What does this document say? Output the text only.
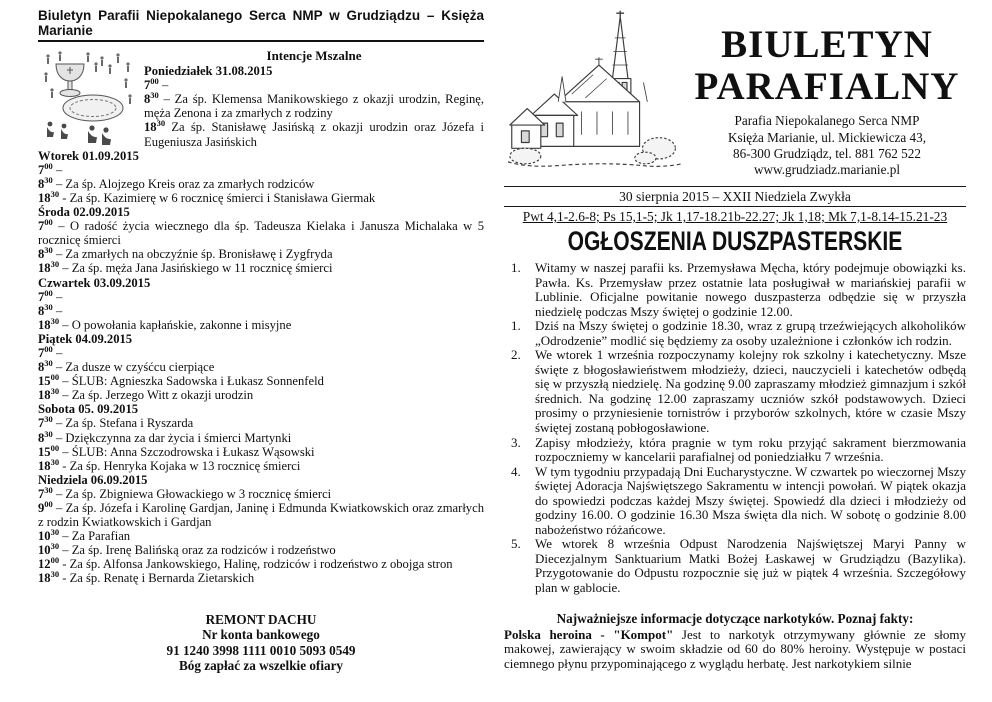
Biuletyn Parafii Niepokalanego Serca NMP w Grudziądzu – Księża Marianie
Intencje Mszalne
Poniedziałek 31.08.2015
$7^{00}$ –
$8^{30}$ – Za śp. Klemensa Manikowskiego z okazji urodzin, Reginę, męża Zenona i za zmarłych z rodziny
$18^{30}$ Za śp. Stanisławę Jasińską z okazji urodzin oraz Józefa i Eugeniusza Jasińskich
Wtorek 01.09.2015
$7^{00}$ –
$8^{30}$ – Za śp. Alojzego Kreis oraz za zmarłych rodziców
$18^{30}$ - Za śp. Kazimierę w 6 rocznicę śmierci i Stanisława Giermak
Środa 02.09.2015
$7^{00}$ – O radość życia wiecznego dla śp. Tadeusza Kielaka i Janusza Michalaka w 5 rocznicę śmierci
$8^{30}$ – Za zmarłych na obczyźnie śp. Bronisławę i Zygfryda
$18^{30}$ – Za śp. męża Jana Jasińskiego w 11 rocznicę śmierci
Czwartek 03.09.2015
$7^{00}$ –
$8^{30}$ –
$18^{30}$ – O powołania kapłańskie, zakonne i misyjne
Piątek 04.09.2015
$7^{00}$ –
$8^{30}$ – Za dusze w czyśćcu cierpiące
$15^{00}$ – ŚLUB: Agnieszka Sadowska i Łukasz Sonnenfeld
$18^{30}$ – Za śp. Jerzego Witt z okazji urodzin
Sobota 05. 09.2015
$7^{30}$ – Za śp. Stefana i Ryszarda
$8^{30}$ – Dziękczynna za dar życia i śmierci Martynki
$15^{00}$ – ŚLUB: Anna Szczodrowska i Łukasz Wąsowski
$18^{30}$ - Za śp. Henryka Kojaka w 13 rocznicę śmierci
Niedziela 06.09.2015
$7^{30}$ – Za śp. Zbigniewa Głowackiego w 3 rocznicę śmierci
$9^{00}$ – Za śp. Józefa i Karolinę Gardjan, Janinę i Edmunda Kwiatkowskich oraz zmarłych z rodzin Kwiatkowskich i Gardjan
$10^{30}$ – Za Parafian
$10^{30}$ – Za śp. Irenę Balińską oraz za rodziców i rodzeństwo
$12^{00}$ - Za śp. Alfonsa Jankowskiego, Halinę, rodziców i rodzeństwo z obojga stron
$18^{30}$ - Za śp. Renatę i Bernarda Zietarskich
REMONT DACHU
Nr konta bankowego
91 1240 3998 1111 0010 5093 0549
Bóg zapłać za wszelkie ofiary
BIULETYN
PARAFIALNY
Parafia Niepokalanego Serca NMP
Księża Marianie, ul. Mickiewicza 43,
86-300 Grudziądz, tel. 881 762 522
www.grudziadz.marianie.pl
30 sierpnia 2015 – XXII Niedziela Zwykła
Pwt 4,1-2.6-8; Ps 15,1-5; Jk 1,17-18.21b-22.27; Jk 1,18; Mk 7,1-8.14-15.21-23
OGŁOSZENIA DUSZPASTERSKIE
1.	Witamy w naszej parafii ks. Przemysława Męcha, który podejmuje obowiązki ks. Pawła. Ks. Przemysław przez ostatnie lata posługiwał w mariańskiej parafii w Lublinie. Oficjalne powitanie nowego duszpasterza odbędzie się w przyszła niedzielę podczas Mszy świętej o godzinie 12.00.
1.	Dziś na Mszy świętej o godzinie 18.30, wraz z grupą trzeźwiejących alkoholików „Odrodzenie” modlić się będziemy za osoby uzależnione i członków ich rodzin.
2.	We wtorek 1 września rozpoczynamy kolejny rok szkolny i katechetyczny. Msze święte z błogosławieństwem młodzieży, dzieci, nauczycieli i katechetów odbędą się w przyszłą niedzielę. Na godzinę 9.00 zapraszamy młodzież gimnazjum i szkół średnich. Na godzinę 12.00 zapraszamy uczniów szkół podstawowych. Dzieci prosimy o przyniesienie tornistrów i przyborów szkolnych, które w czasie Mszy świętej zostaną pobłogosławione.
3.	Zapisy młodzieży, która pragnie w tym roku przyjąć sakrament bierzmowania rozpoczniemy w kancelarii parafialnej od poniedziałku 7 września.
4.	W tym tygodniu przypadają Dni Eucharystyczne. W czwartek po wieczornej Mszy świętej Adoracja Najświętszego Sakramentu w intencji powołań. W piątek okazja do spowiedzi podczas każdej Mszy świętej. Spowiedź dla dzieci i młodzieży od godziny 16.00. O godzinie 16.30 Msza święta dla nich. W sobotę o godzinie 8.00 nabożeństwo różańcowe.
5.	We wtorek 8 września Odpust Narodzenia Najświętszej Maryi Panny w Diecezjalnym Sanktuarium Matki Bożej Łaskawej w Grudziądzu (Bazylika). Przygotowanie do Odpustu rozpocznie się już w piątek 4 września. Szczegółowy plan w gablocie.
Najważniejsze informacje dotyczące narkotyków. Poznaj fakty:
Polska heroina - "Kompot" Jest to narkotyk otrzymywany głównie ze słomy makowej, zawierający w swoim składzie od 60 do 80% heroiny. Występuje w postaci ciemnego płynu przypominającego z wyglądu herbatę. Jest narkotykiem silnie
